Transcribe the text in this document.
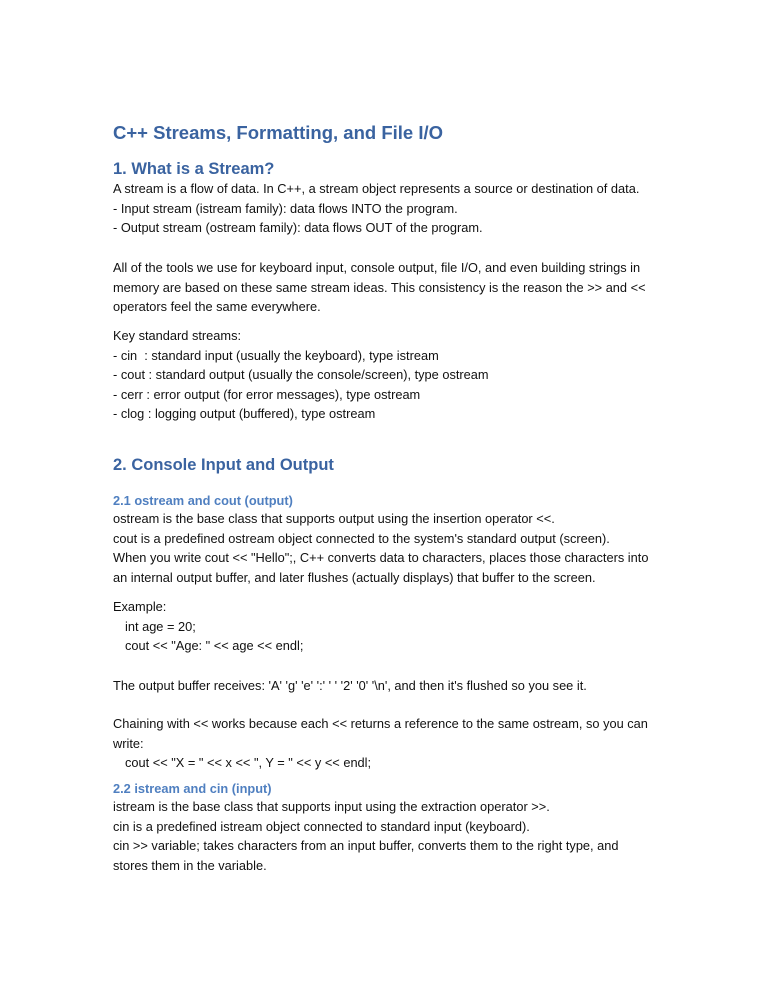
C++ Streams, Formatting, and File I/O
1. What is a Stream?
A stream is a flow of data. In C++, a stream object represents a source or destination of data.
- Input stream (istream family): data flows INTO the program.
- Output stream (ostream family): data flows OUT of the program.
All of the tools we use for keyboard input, console output, file I/O, and even building strings in
memory are based on these same stream ideas. This consistency is the reason the >> and <<
operators feel the same everywhere.
Key standard streams:
- cin  : standard input (usually the keyboard), type istream
- cout : standard output (usually the console/screen), type ostream
- cerr : error output (for error messages), type ostream
- clog : logging output (buffered), type ostream
2. Console Input and Output
2.1 ostream and cout (output)
ostream is the base class that supports output using the insertion operator <<.
cout is a predefined ostream object connected to the system's standard output (screen).
When you write cout << "Hello";, C++ converts data to characters, places those characters into
an internal output buffer, and later flushes (actually displays) that buffer to the screen.
Example:
int age = 20;
cout << "Age: " << age << endl;
The output buffer receives: 'A' 'g' 'e' ':' ' ' '2' '0' '\n', and then it's flushed so you see it.
Chaining with << works because each << returns a reference to the same ostream, so you can
write:
cout << "X = " << x << ", Y = " << y << endl;
2.2 istream and cin (input)
istream is the base class that supports input using the extraction operator >>.
cin is a predefined istream object connected to standard input (keyboard).
cin >> variable; takes characters from an input buffer, converts them to the right type, and
stores them in the variable.
